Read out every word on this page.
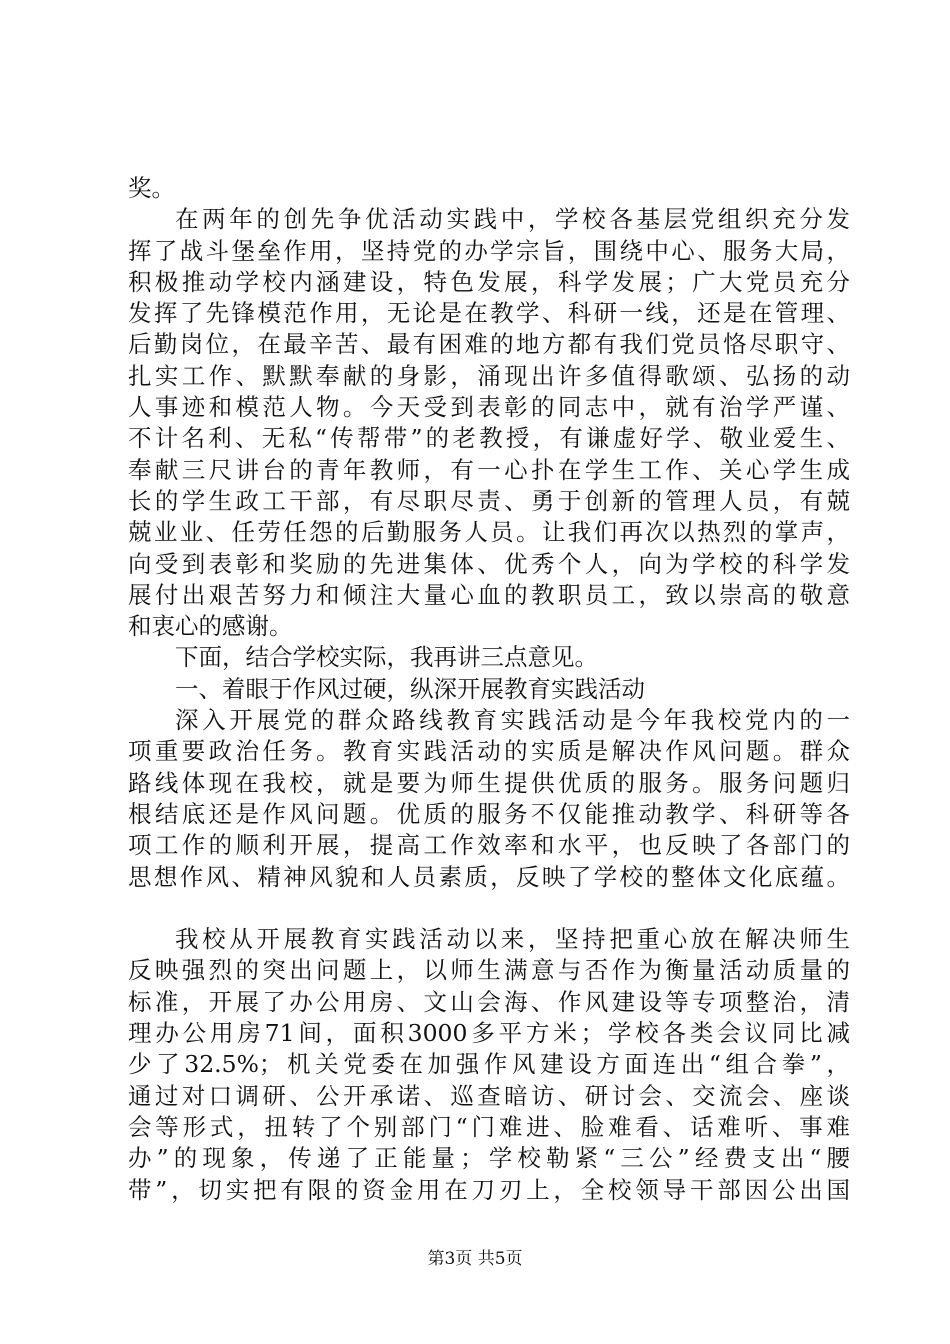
奖。
在两年的创先争优活动实践中，学校各基层党组织充分发
挥了战斗堡垒作用，坚持党的办学宗旨，围绕中心、服务大局，
积极推动学校内涵建设，特色发展，科学发展；广大党员充分
发挥了先锋模范作用，无论是在教学、科研一线，还是在管理、
后勤岗位，在最辛苦、最有困难的地方都有我们党员恪尽职守、
扎实工作、默默奉献的身影，涌现出许多值得歌颂、弘扬的动
人事迹和模范人物。今天受到表彰的同志中，就有治学严谨、
不计名利、无私“传帮带”的老教授，有谦虚好学、敬业爱生、
奉献三尺讲台的青年教师，有一心扑在学生工作、关心学生成
长的学生政工干部，有尽职尽责、勇于创新的管理人员，有兢
兢业业、任劳任怨的后勤服务人员。让我们再次以热烈的掌声，
向受到表彰和奖励的先进集体、优秀个人，向为学校的科学发
展付出艰苦努力和倾注大量心血的教职员工，致以崇高的敬意
和衷心的感谢。
下面，结合学校实际，我再讲三点意见。
一、着眼于作风过硬，纵深开展教育实践活动
深入开展党的群众路线教育实践活动是今年我校党内的一
项重要政治任务。教育实践活动的实质是解决作风问题。群众
路线体现在我校，就是要为师生提供优质的服务。服务问题归
根结底还是作风问题。优质的服务不仅能推动教学、科研等各
项工作的顺利开展，提高工作效率和水平，也反映了各部门的
思想作风、精神风貌和人员素质，反映了学校的整体文化底蕴。
我校从开展教育实践活动以来，坚持把重心放在解决师生
反映强烈的突出问题上，以师生满意与否作为衡量活动质量的
标准，开展了办公用房、文山会海、作风建设等专项整治，清
理办公用房71间，面积3000多平方米；学校各类会议同比减
少了32.5%；机关党委在加强作风建设方面连出“组合拳”，
通过对口调研、公开承诺、巡查暗访、研讨会、交流会、座谈
会等形式，扭转了个别部门“门难进、脸难看、话难听、事难
办”的现象，传递了正能量；学校勒紧“三公”经费支出“腰
带”，切实把有限的资金用在刀刃上，全校领导干部因公出国
第3页 共5页
